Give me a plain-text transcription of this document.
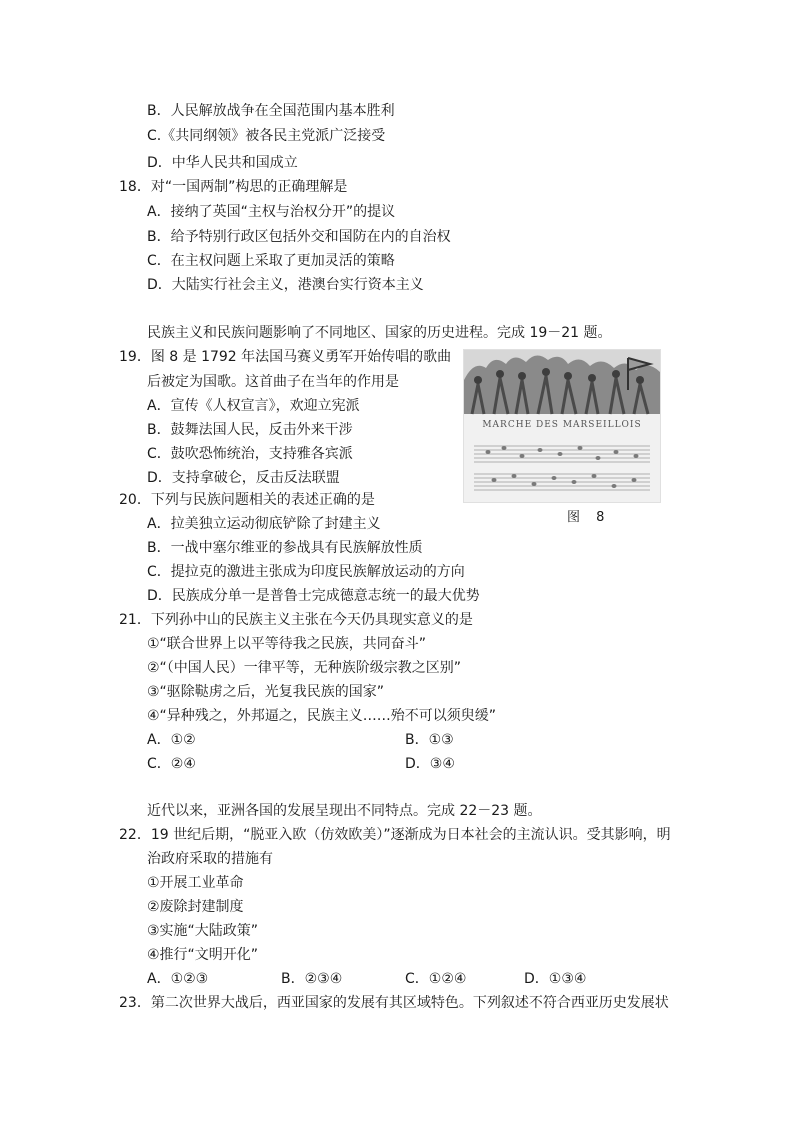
B．人民解放战争在全国范围内基本胜利
C.《共同纲领》被各民主党派广泛接受
D．中华人民共和国成立
18．对“一国两制”构思的正确理解是
A．接纳了英国“主权与治权分开”的提议
B．给予特别行政区包括外交和国防在内的自治权
C．在主权问题上采取了更加灵活的策略
D．大陆实行社会主义，港澳台实行资本主义
民族主义和民族问题影响了不同地区、国家的历史进程。完成 19－21 题。
19．图 8 是 1792 年法国马赛义勇军开始传唱的歌曲
后被定为国歌。这首曲子在当年的作用是
A．宣传《人权宣言》，欢迎立宪派
B．鼓舞法国人民，反击外来干涉
C．鼓吹恐怖统治，支持雅各宾派
D．支持拿破仑，反击反法联盟
MARCHE DES MARSEILLOIS
图 8
20．下列与民族问题相关的表述正确的是
A．拉美独立运动彻底铲除了封建主义
B．一战中塞尔维亚的参战具有民族解放性质
C．提拉克的激进主张成为印度民族解放运动的方向
D．民族成分单一是普鲁士完成德意志统一的最大优势
21．下列孙中山的民族主义主张在今天仍具现实意义的是
①“联合世界上以平等待我之民族，共同奋斗”
②“（中国人民）一律平等，无种族阶级宗教之区别”
③“驱除鞑虏之后，光复我民族的国家”
④“异种残之，外邦逼之，民族主义……殆不可以须臾缓”
A．①②	B．①③
C．②④	D．③④
近代以来，亚洲各国的发展呈现出不同特点。完成 22－23 题。
22．19 世纪后期，“脱亚入欧（仿效欧美）”逐渐成为日本社会的主流认识。受其影响，明
治政府采取的措施有
①开展工业革命
②废除封建制度
③实施“大陆政策”
④推行“文明开化”
A．①②③	B．②③④	C．①②④	D．①③④
23．第二次世界大战后，西亚国家的发展有其区域特色。下列叙述不符合西亚历史发展状
